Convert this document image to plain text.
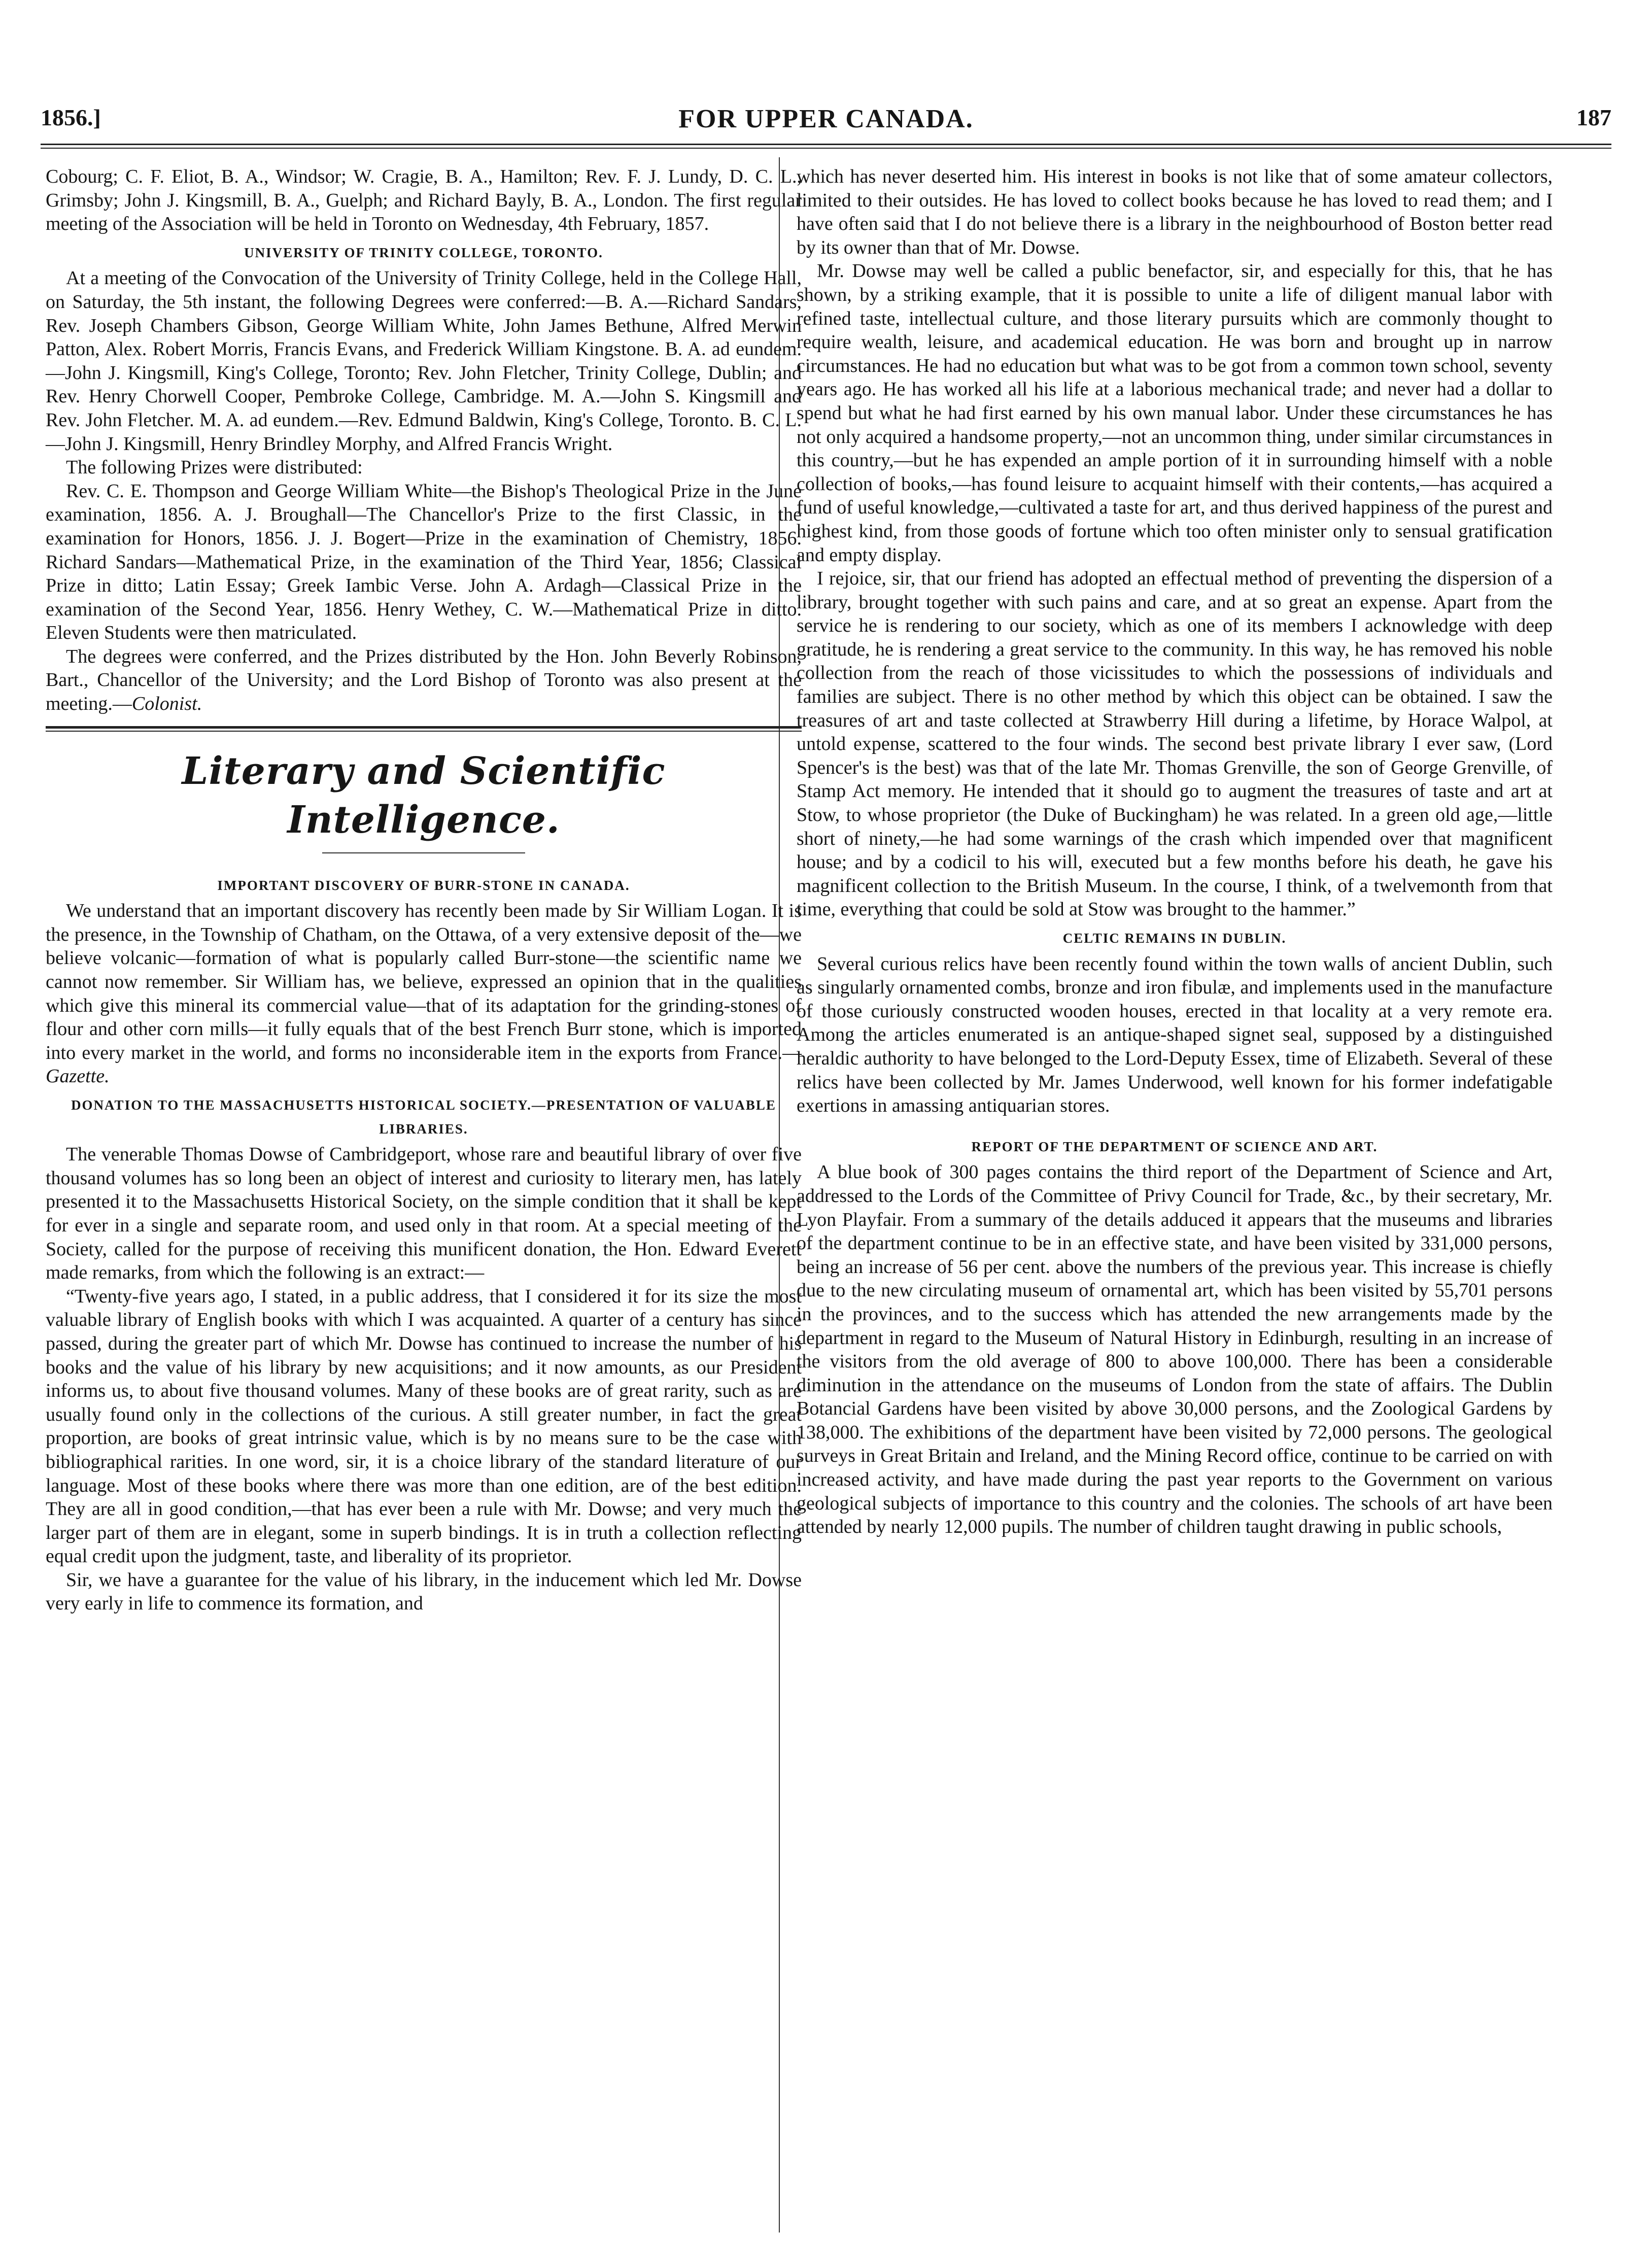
1856.]	FOR UPPER CANADA.	187

Cobourg; C. F. Eliot, B. A., Windsor; W. Cragie, B. A., Hamilton; Rev. F. J. Lundy, D. C. L., Grimsby; John J. Kingsmill, B. A., Guelph; and Richard Bayly, B. A., London. The first regular meeting of the Association will be held in Toronto on Wednesday, 4th February, 1857.

UNIVERSITY OF TRINITY COLLEGE, TORONTO.

At a meeting of the Convocation of the University of Trinity College, held in the College Hall, on Saturday, the 5th instant, the following Degrees were conferred:—B. A.—Richard Sandars, Rev. Joseph Chambers Gibson, George William White, John James Bethune, Alfred Merwin Patton, Alex. Robert Morris, Francis Evans, and Frederick William Kingstone. B. A. ad eundem.—John J. Kingsmill, King's College, Toronto; Rev. John Fletcher, Trinity College, Dublin; and Rev. Henry Chorwell Cooper, Pembroke College, Cambridge. M. A.—John S. Kingsmill and Rev. John Fletcher. M. A. ad eundem.—Rev. Edmund Baldwin, King's College, Toronto. B. C. L.—John J. Kingsmill, Henry Brindley Morphy, and Alfred Francis Wright.

The following Prizes were distributed:

Rev. C. E. Thompson and George William White—the Bishop's Theological Prize in the June examination, 1856. A. J. Broughall—The Chancellor's Prize to the first Classic, in the examination for Honors, 1856. J. J. Bogert—Prize in the examination of Chemistry, 1856. Richard Sandars—Mathematical Prize, in the examination of the Third Year, 1856; Classical Prize in ditto; Latin Essay; Greek Iambic Verse. John A. Ardagh—Classical Prize in the examination of the Second Year, 1856. Henry Wethey, C. W.—Mathematical Prize in ditto. Eleven Students were then matriculated.

The degrees were conferred, and the Prizes distributed by the Hon. John Beverly Robinson, Bart., Chancellor of the University; and the Lord Bishop of Toronto was also present at the meeting.—Colonist.

Literary and Scientific Intelligence.
IMPORTANT DISCOVERY OF BURR-STONE IN CANADA.

We understand that an important discovery has recently been made by Sir William Logan. It is the presence, in the Township of Chatham, on the Ottawa, of a very extensive deposit of the—we believe volcanic—formation of what is popularly called Burr-stone—the scientific name we cannot now remember. Sir William has, we believe, expressed an opinion that in the qualities which give this mineral its commercial value—that of its adaptation for the grinding-stones of flour and other corn mills—it fully equals that of the best French Burr stone, which is imported into every market in the world, and forms no inconsiderable item in the exports from France.—Gazette.

DONATION TO THE MASSACHUSETTS HISTORICAL SOCIETY.—PRESENTATION OF VALUABLE LIBRARIES.

The venerable Thomas Dowse of Cambridgeport, whose rare and beautiful library of over five thousand volumes has so long been an object of interest and curiosity to literary men, has lately presented it to the Massachusetts Historical Society, on the simple condition that it shall be kept for ever in a single and separate room, and used only in that room. At a special meeting of the Society, called for the purpose of receiving this munificent donation, the Hon. Edward Everett made remarks, from which the following is an extract:—

“Twenty-five years ago, I stated, in a public address, that I considered it for its size the most valuable library of English books with which I was acquainted. A quarter of a century has since passed, during the greater part of which Mr. Dowse has continued to increase the number of his books and the value of his library by new acquisitions; and it now amounts, as our President informs us, to about five thousand volumes. Many of these books are of great rarity, such as are usually found only in the collections of the curious. A still greater number, in fact the great proportion, are books of great intrinsic value, which is by no means sure to be the case with bibliographical rarities. In one word, sir, it is a choice library of the standard literature of our language. Most of these books where there was more than one edition, are of the best edition. They are all in good condition,—that has ever been a rule with Mr. Dowse; and very much the larger part of them are in elegant, some in superb bindings. It is in truth a collection reflecting equal credit upon the judgment, taste, and liberality of its proprietor.

Sir, we have a guarantee for the value of his library, in the inducement which led Mr. Dowse very early in life to commence its formation, and

which has never deserted him. His interest in books is not like that of some amateur collectors, limited to their outsides. He has loved to collect books because he has loved to read them; and I have often said that I do not believe there is a library in the neighbourhood of Boston better read by its owner than that of Mr. Dowse.

Mr. Dowse may well be called a public benefactor, sir, and especially for this, that he has shown, by a striking example, that it is possible to unite a life of diligent manual labor with refined taste, intellectual culture, and those literary pursuits which are commonly thought to require wealth, leisure, and academical education. He was born and brought up in narrow circumstances. He had no education but what was to be got from a common town school, seventy years ago. He has worked all his life at a laborious mechanical trade; and never had a dollar to spend but what he had first earned by his own manual labor. Under these circumstances he has not only acquired a handsome property,—not an uncommon thing, under similar circumstances in this country,—but he has expended an ample portion of it in surrounding himself with a noble collection of books,—has found leisure to acquaint himself with their contents,—has acquired a fund of useful knowledge,—cultivated a taste for art, and thus derived happiness of the purest and highest kind, from those goods of fortune which too often minister only to sensual gratification and empty display.

I rejoice, sir, that our friend has adopted an effectual method of preventing the dispersion of a library, brought together with such pains and care, and at so great an expense. Apart from the service he is rendering to our society, which as one of its members I acknowledge with deep gratitude, he is rendering a great service to the community. In this way, he has removed his noble collection from the reach of those vicissitudes to which the possessions of individuals and families are subject. There is no other method by which this object can be obtained. I saw the treasures of art and taste collected at Strawberry Hill during a lifetime, by Horace Walpol, at untold expense, scattered to the four winds. The second best private library I ever saw, (Lord Spencer's is the best) was that of the late Mr. Thomas Grenville, the son of George Grenville, of Stamp Act memory. He intended that it should go to augment the treasures of taste and art at Stow, to whose proprietor (the Duke of Buckingham) he was related. In a green old age,—little short of ninety,—he had some warnings of the crash which impended over that magnificent house; and by a codicil to his will, executed but a few months before his death, he gave his magnificent collection to the British Museum. In the course, I think, of a twelvemonth from that time, everything that could be sold at Stow was brought to the hammer.”

CELTIC REMAINS IN DUBLIN.

Several curious relics have been recently found within the town walls of ancient Dublin, such as singularly ornamented combs, bronze and iron fibulæ, and implements used in the manufacture of those curiously constructed wooden houses, erected in that locality at a very remote era. Among the articles enumerated is an antique-shaped signet seal, supposed by a distinguished heraldic authority to have belonged to the Lord-Deputy Essex, time of Elizabeth. Several of these relics have been collected by Mr. James Underwood, well known for his former indefatigable exertions in amassing antiquarian stores.

REPORT OF THE DEPARTMENT OF SCIENCE AND ART.

A blue book of 300 pages contains the third report of the Department of Science and Art, addressed to the Lords of the Committee of Privy Council for Trade, &c., by their secretary, Mr. Lyon Playfair. From a summary of the details adduced it appears that the museums and libraries of the department continue to be in an effective state, and have been visited by 331,000 persons, being an increase of 56 per cent. above the numbers of the previous year. This increase is chiefly due to the new circulating museum of ornamental art, which has been visited by 55,701 persons in the provinces, and to the success which has attended the new arrangements made by the department in regard to the Museum of Natural History in Edinburgh, resulting in an increase of the visitors from the old average of 800 to above 100,000. There has been a considerable diminution in the attendance on the museums of London from the state of affairs. The Dublin Botancial Gardens have been visited by above 30,000 persons, and the Zoological Gardens by 138,000. The exhibitions of the department have been visited by 72,000 persons. The geological surveys in Great Britain and Ireland, and the Mining Record office, continue to be carried on with increased activity, and have made during the past year reports to the Government on various geological subjects of importance to this country and the colonies. The schools of art have been attended by nearly 12,000 pupils. The number of children taught drawing in public schools,
